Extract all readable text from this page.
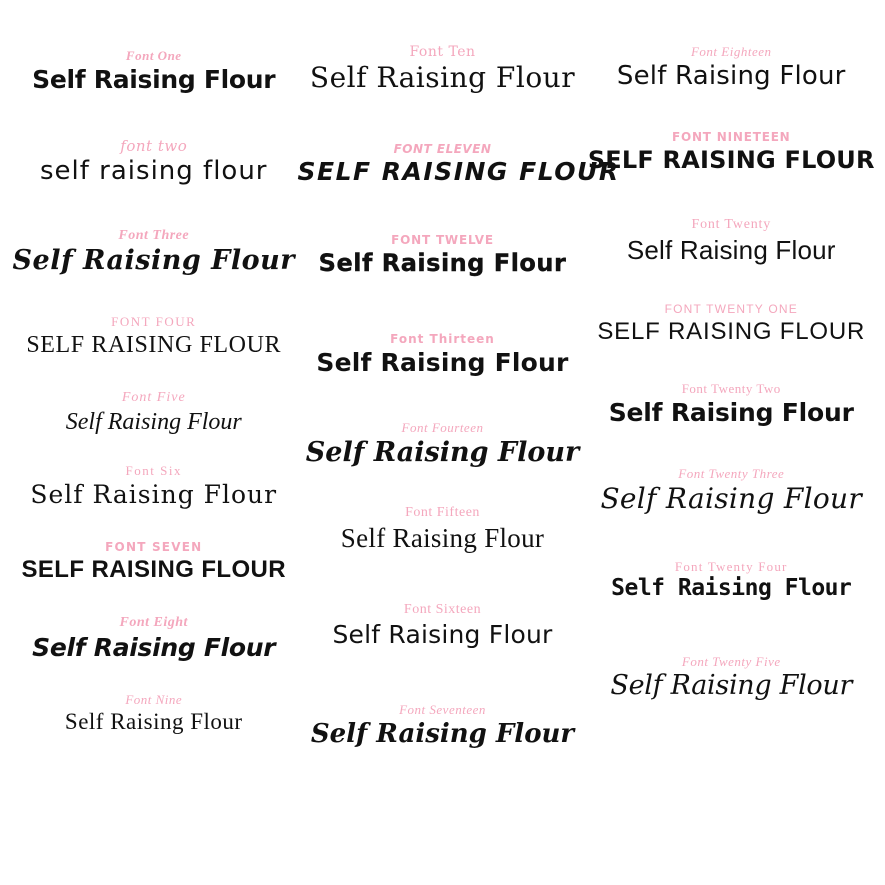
Font One
Self Raising Flour
font two
self raising flour
Font Three
Self Raising Flour
FONT FOUR
SELF RAISING FLOUR
Font Five
Self Raising Flour
Font Six
Self Raising Flour
FONT SEVEN
SELF RAISING FLOUR
Font Eight
Self Raising Flour
Font Nine
Self Raising Flour
Font Ten
Self Raising Flour
FONT ELEVEN
SELF RAISING FLOUR
FONT TWELVE
Self Raising Flour
Font Thirteen
Self Raising Flour
Font Fourteen
Self Raising Flour
Font Fifteen
Self Raising Flour
Font Sixteen
Self Raising Flour
Font Seventeen
Self Raising Flour
Font Eighteen
Self Raising Flour
FONT NINETEEN
SELF RAISING FLOUR
Font Twenty
Self Raising Flour
FONT TWENTY ONE
SELF RAISING FLOUR
Font Twenty Two
Self Raising Flour
Font Twenty Three
Self Raising Flour
Font Twenty Four
Self Raising Flour
Font Twenty Five
Self Raising Flour
